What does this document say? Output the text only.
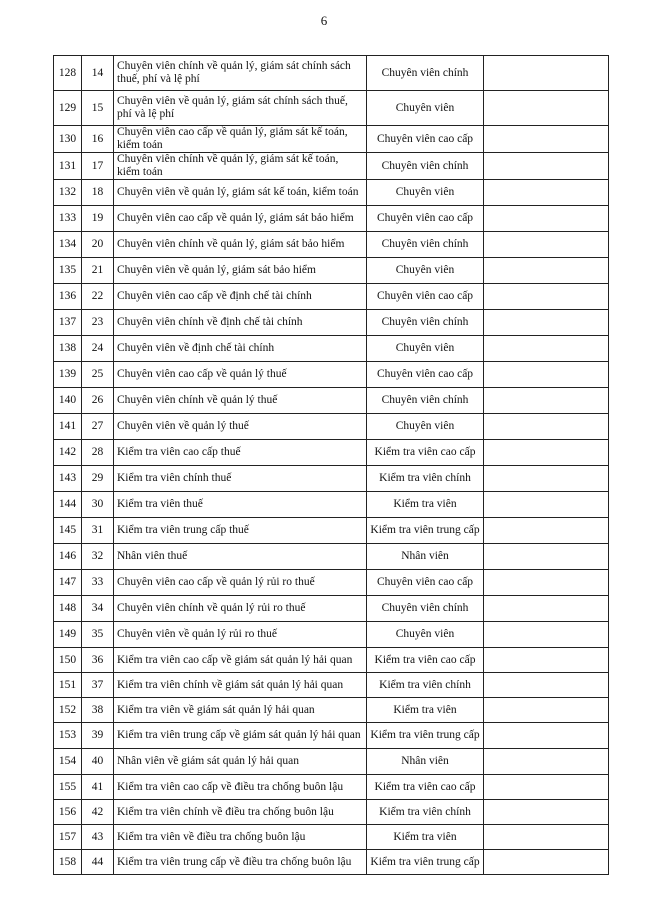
6
128	14	Chuyên viên chính về quản lý, giám sát chính sách thuế, phí và lệ phí	Chuyên viên chính	
129	15	Chuyên viên về quản lý, giám sát chính sách thuế, phí và lệ phí	Chuyên viên	
130	16	Chuyên viên cao cấp về quản lý, giám sát kế toán, kiểm toán	Chuyên viên cao cấp	
131	17	Chuyên viên chính về quản lý, giám sát kế toán, kiểm toán	Chuyên viên chính	
132	18	Chuyên viên về quản lý, giám sát kế toán, kiểm toán	Chuyên viên	
133	19	Chuyên viên cao cấp về quản lý, giám sát bảo hiểm	Chuyên viên cao cấp	
134	20	Chuyên viên chính về quản lý, giám sát bảo hiểm	Chuyên viên chính	
135	21	Chuyên viên về quản lý, giám sát bảo hiểm	Chuyên viên	
136	22	Chuyên viên cao cấp về định chế tài chính	Chuyên viên cao cấp	
137	23	Chuyên viên chính về định chế tài chính	Chuyên viên chính	
138	24	Chuyên viên về định chế tài chính	Chuyên viên	
139	25	Chuyên viên cao cấp về quản lý thuế	Chuyên viên cao cấp	
140	26	Chuyên viên chính về quản lý thuế	Chuyên viên chính	
141	27	Chuyên viên về quản lý thuế	Chuyên viên	
142	28	Kiểm tra viên cao cấp thuế	Kiểm tra viên cao cấp	
143	29	Kiểm tra viên chính thuế	Kiểm tra viên chính	
144	30	Kiểm tra viên thuế	Kiểm tra viên	
145	31	Kiểm tra viên trung cấp thuế	Kiểm tra viên trung cấp	
146	32	Nhân viên thuế	Nhân viên	
147	33	Chuyên viên cao cấp về quản lý rủi ro thuế	Chuyên viên cao cấp	
148	34	Chuyên viên chính về quản lý rủi ro thuế	Chuyên viên chính	
149	35	Chuyên viên về quản lý rủi ro thuế	Chuyên viên	
150	36	Kiểm tra viên cao cấp về giám sát quản lý hải quan	Kiểm tra viên cao cấp	
151	37	Kiểm tra viên chính về giám sát quản lý hải quan	Kiểm tra viên chính	
152	38	Kiểm tra viên về giám sát quản lý hải quan	Kiểm tra viên	
153	39	Kiểm tra viên trung cấp về giám sát quản lý hải quan	Kiểm tra viên trung cấp	
154	40	Nhân viên về giám sát quản lý hải quan	Nhân viên	
155	41	Kiểm tra viên cao cấp về điều tra chống buôn lậu	Kiểm tra viên cao cấp	
156	42	Kiểm tra viên chính về điều tra chống buôn lậu	Kiểm tra viên chính	
157	43	Kiểm tra viên về điều tra chống buôn lậu	Kiểm tra viên	
158	44	Kiểm tra viên trung cấp về điều tra chống buôn lậu	Kiểm tra viên trung cấp	
